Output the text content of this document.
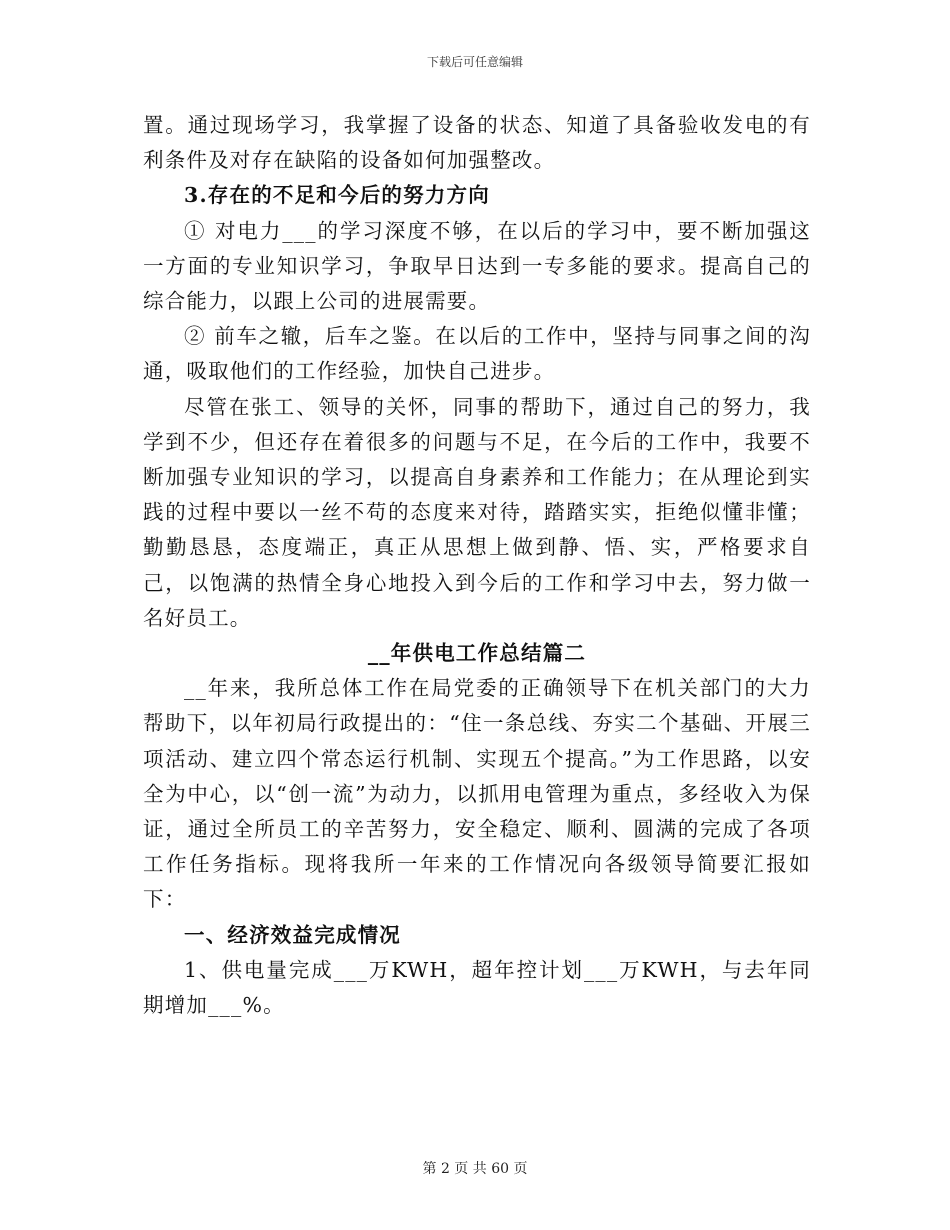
下载后可任意编辑

置。通过现场学习，我掌握了设备的状态、知道了具备验收发电的有利条件及对存在缺陷的设备如何加强整改。

3.存在的不足和今后的努力方向

① 对电力___的学习深度不够，在以后的学习中，要不断加强这一方面的专业知识学习，争取早日达到一专多能的要求。提高自己的综合能力，以跟上公司的进展需要。

② 前车之辙，后车之鉴。在以后的工作中，坚持与同事之间的沟通，吸取他们的工作经验，加快自己进步。

尽管在张工、领导的关怀，同事的帮助下，通过自己的努力，我学到不少，但还存在着很多的问题与不足，在今后的工作中，我要不断加强专业知识的学习，以提高自身素养和工作能力；在从理论到实践的过程中要以一丝不苟的态度来对待，踏踏实实，拒绝似懂非懂；勤勤恳恳，态度端正，真正从思想上做到静、悟、实，严格要求自己，以饱满的热情全身心地投入到今后的工作和学习中去，努力做一名好员工。

__年供电工作总结篇二

__年来，我所总体工作在局党委的正确领导下在机关部门的大力帮助下，以年初局行政提出的：“住一条总线、夯实二个基础、开展三项活动、建立四个常态运行机制、实现五个提高。”为工作思路，以安全为中心，以“创一流”为动力，以抓用电管理为重点，多经收入为保证，通过全所员工的辛苦努力，安全稳定、顺利、圆满的完成了各项工作任务指标。现将我所一年来的工作情况向各级领导简要汇报如下：

一、经济效益完成情况

1、供电量完成___万KWH，超年控计划___万KWH，与去年同期增加___%。

第 2 页 共 60 页
